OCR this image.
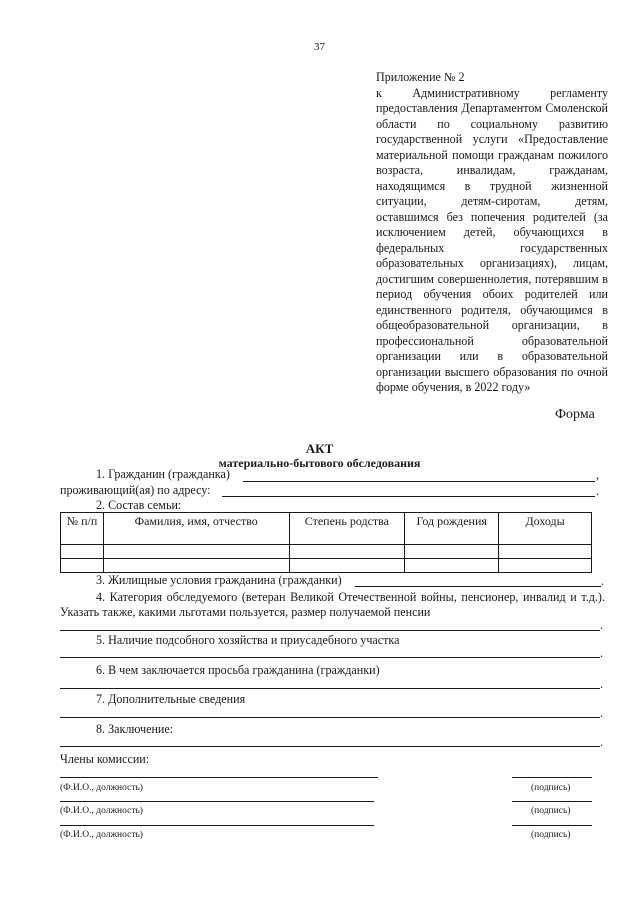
37
Приложение № 2
к Административному регламенту предоставления Департаментом Смоленской области по социальному развитию государственной услуги «Предоставление материальной помощи гражданам пожилого возраста, инвалидам, гражданам, находящимся в трудной жизненной ситуации, детям-сиротам, детям, оставшимся без попечения родителей (за исключением детей, обучающихся в федеральных государственных образовательных организациях), лицам, достигшим совершеннолетия, потерявшим в период обучения обоих родителей или единственного родителя, обучающимся в общеобразовательной организации, в профессиональной образовательной организации или в образовательной организации высшего образования по очной форме обучения, в 2022 году»
Форма
АКТ
материально-бытового обследования
1. Гражданин (гражданка)	,
проживающий(ая) по адресу:	.
2. Состав семьи:
№ п/п	Фамилия, имя, отчество	Степень родства	Год рождения	Доходы

3. Жилищные условия гражданина (гражданки)	.
4. Категория обследуемого (ветеран Великой Отечественной войны, пенсионер, инвалид и т.д.). Указать также, какими льготами пользуется, размер получаемой пенсии
.
5. Наличие подсобного хозяйства и приусадебного участка
.
6. В чем заключается просьба гражданина (гражданки)
.
7. Дополнительные сведения
.
8. Заключение:
.
Члены комиссии:
(Ф.И.О., должность)	(подпись)
(Ф.И.О., должность)	(подпись)
(Ф.И.О., должность)	(подпись)
